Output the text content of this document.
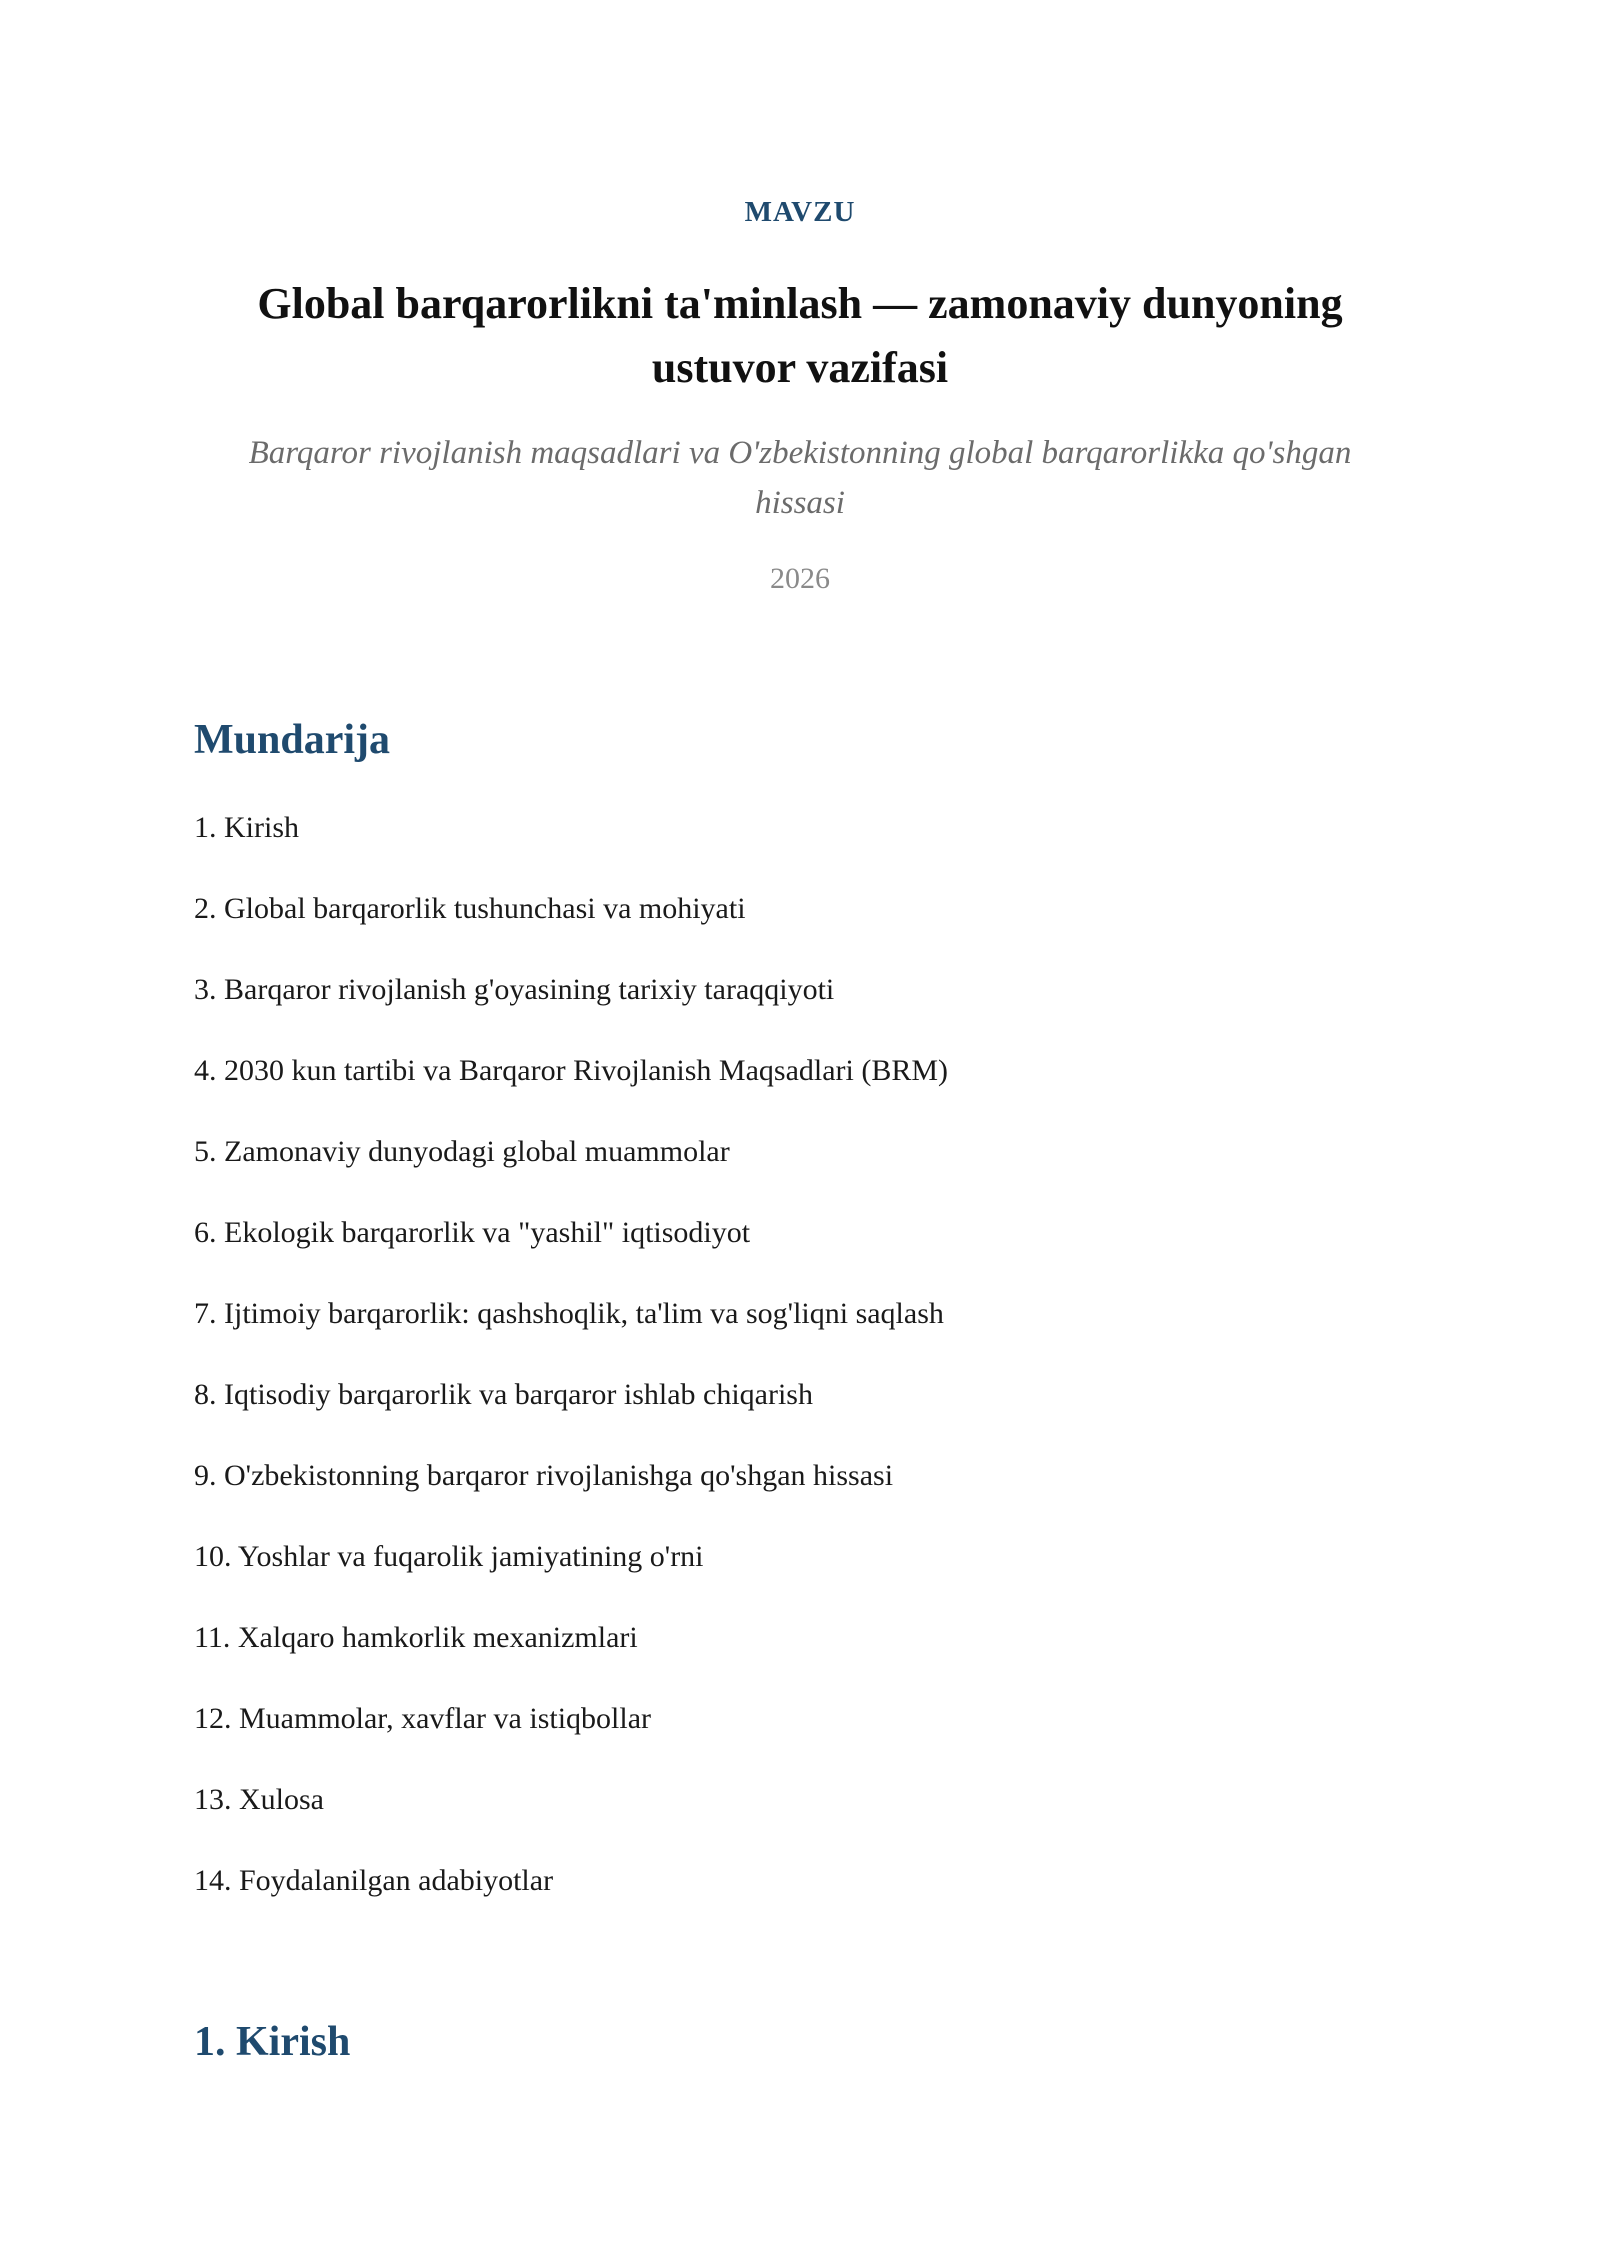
MAVZU
Global barqarorlikni ta'minlash — zamonaviy dunyoning ustuvor vazifasi

Barqaror rivojlanish maqsadlari va O'zbekistonning global barqarorlikka qo'shgan hissasi

2026
Mundarija
1. Kirish
2. Global barqarorlik tushunchasi va mohiyati
3. Barqaror rivojlanish g'oyasining tarixiy taraqqiyoti
4. 2030 kun tartibi va Barqaror Rivojlanish Maqsadlari (BRM)
5. Zamonaviy dunyodagi global muammolar
6. Ekologik barqarorlik va "yashil" iqtisodiyot
7. Ijtimoiy barqarorlik: qashshoqlik, ta'lim va sog'liqni saqlash
8. Iqtisodiy barqarorlik va barqaror ishlab chiqarish
9. O'zbekistonning barqaror rivojlanishga qo'shgan hissasi
10. Yoshlar va fuqarolik jamiyatining o'rni
11. Xalqaro hamkorlik mexanizmlari
12. Muammolar, xavflar va istiqbollar
13. Xulosa
14. Foydalanilgan adabiyotlar
1. Kirish
